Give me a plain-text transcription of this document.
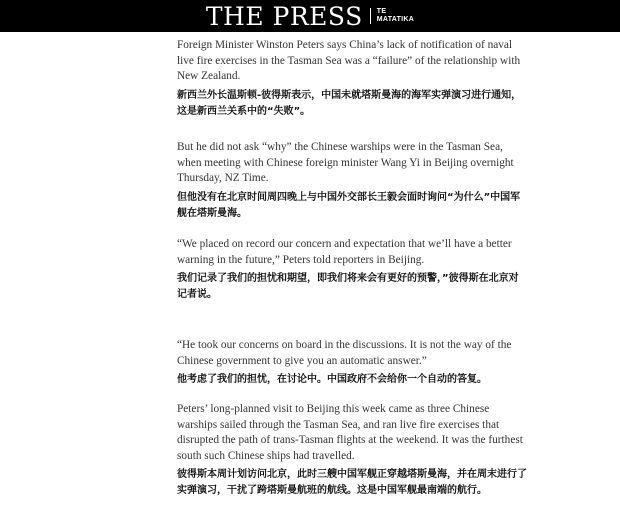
THE PRESS TE
MATATIKA

Foreign Minister Winston Peters says China’s lack of notification of naval live fire exercises in the Tasman Sea was a “failure” of the relationship with New Zealand.

新西兰外长温斯顿-彼得斯表示，中国未就塔斯曼海的海军实弹演习进行通知，这是新西兰关系中的“失败”。

But he did not ask “why” the Chinese warships were in the Tasman Sea, when meeting with Chinese foreign minister Wang Yi in Beijing overnight Thursday, NZ Time.

但他没有在北京时间周四晚上与中国外交部长王毅会面时询问“为什么”中国军舰在塔斯曼海。

“We placed on record our concern and expectation that we’ll have a better warning in the future,” Peters told reporters in Beijing.

我们记录了我们的担忧和期望，即我们将来会有更好的预警，”彼得斯在北京对记者说。

“He took our concerns on board in the discussions. It is not the way of the Chinese government to give you an automatic answer.”

他考虑了我们的担忧，在讨论中。中国政府不会给你一个自动的答复。

Peters’ long-planned visit to Beijing this week came as three Chinese warships sailed through the Tasman Sea, and ran live fire exercises that disrupted the path of trans-Tasman flights at the weekend. It was the furthest south such Chinese ships had travelled.

彼得斯本周计划访问北京，此时三艘中国军舰正穿越塔斯曼海，并在周末进行了实弹演习，干扰了跨塔斯曼航班的航线。这是中国军舰最南端的航行。
